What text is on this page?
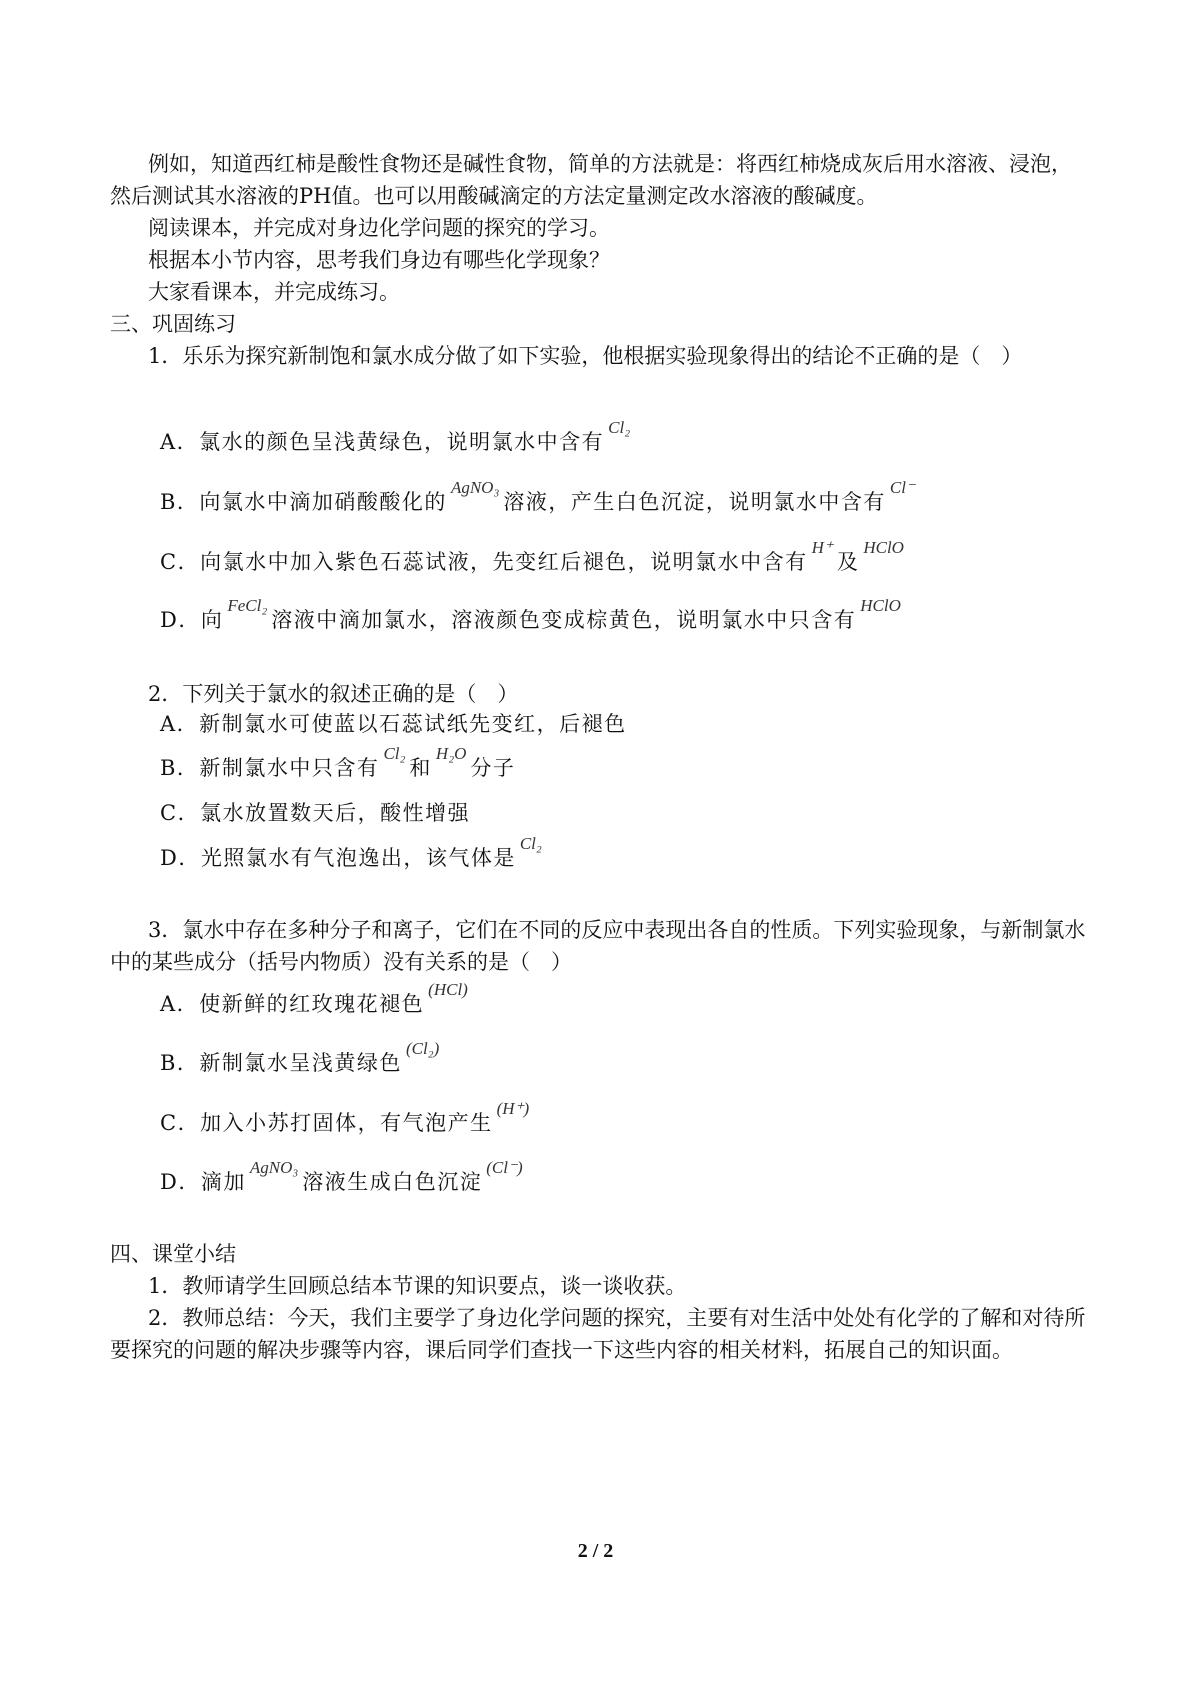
例如，知道西红柿是酸性食物还是碱性食物，简单的方法就是：将西红柿烧成灰后用水溶液、浸泡，然后测试其水溶液的PH值。也可以用酸碱滴定的方法定量测定改水溶液的酸碱度。

阅读课本，并完成对身边化学问题的探究的学习。

根据本小节内容，思考我们身边有哪些化学现象？

大家看课本，并完成练习。

三、巩固练习

1．乐乐为探究新制饱和氯水成分做了如下实验，他根据实验现象得出的结论不正确的是（　）

A．氯水的颜色呈浅黄绿色，说明氯水中含有$^{Cl_2}$
B．向氯水中滴加硝酸酸化的$^{AgNO_3}$溶液，产生白色沉淀，说明氯水中含有$^{Cl^-}$
C．向氯水中加入紫色石蕊试液，先变红后褪色，说明氯水中含有$^{H^+}$及$^{HClO}$
D．向$^{FeCl_2}$溶液中滴加氯水，溶液颜色变成棕黄色，说明氯水中只含有$^{HClO}$

2．下列关于氯水的叙述正确的是（　）

A．新制氯水可使蓝以石蕊试纸先变红，后褪色
B．新制氯水中只含有$^{Cl_2}$和$^{H_2O}$分子
C．氯水放置数天后，酸性增强
D．光照氯水有气泡逸出，该气体是$^{Cl_2}$

3．氯水中存在多种分子和离子，它们在不同的反应中表现出各自的性质。下列实验现象，与新制氯水中的某些成分（括号内物质）没有关系的是（　）

A．使新鲜的红玫瑰花褪色$^{(HCl)}$
B．新制氯水呈浅黄绿色$^{(Cl_2)}$
C．加入小苏打固体，有气泡产生$^{(H^+)}$
D．滴加$^{AgNO_3}$溶液生成白色沉淀$^{(Cl^-)}$

四、课堂小结

1．教师请学生回顾总结本节课的知识要点，谈一谈收获。

2．教师总结：今天，我们主要学了身边化学问题的探究，主要有对生活中处处有化学的了解和对待所要探究的问题的解决步骤等内容，课后同学们查找一下这些内容的相关材料，拓展自己的知识面。

2 / 2
